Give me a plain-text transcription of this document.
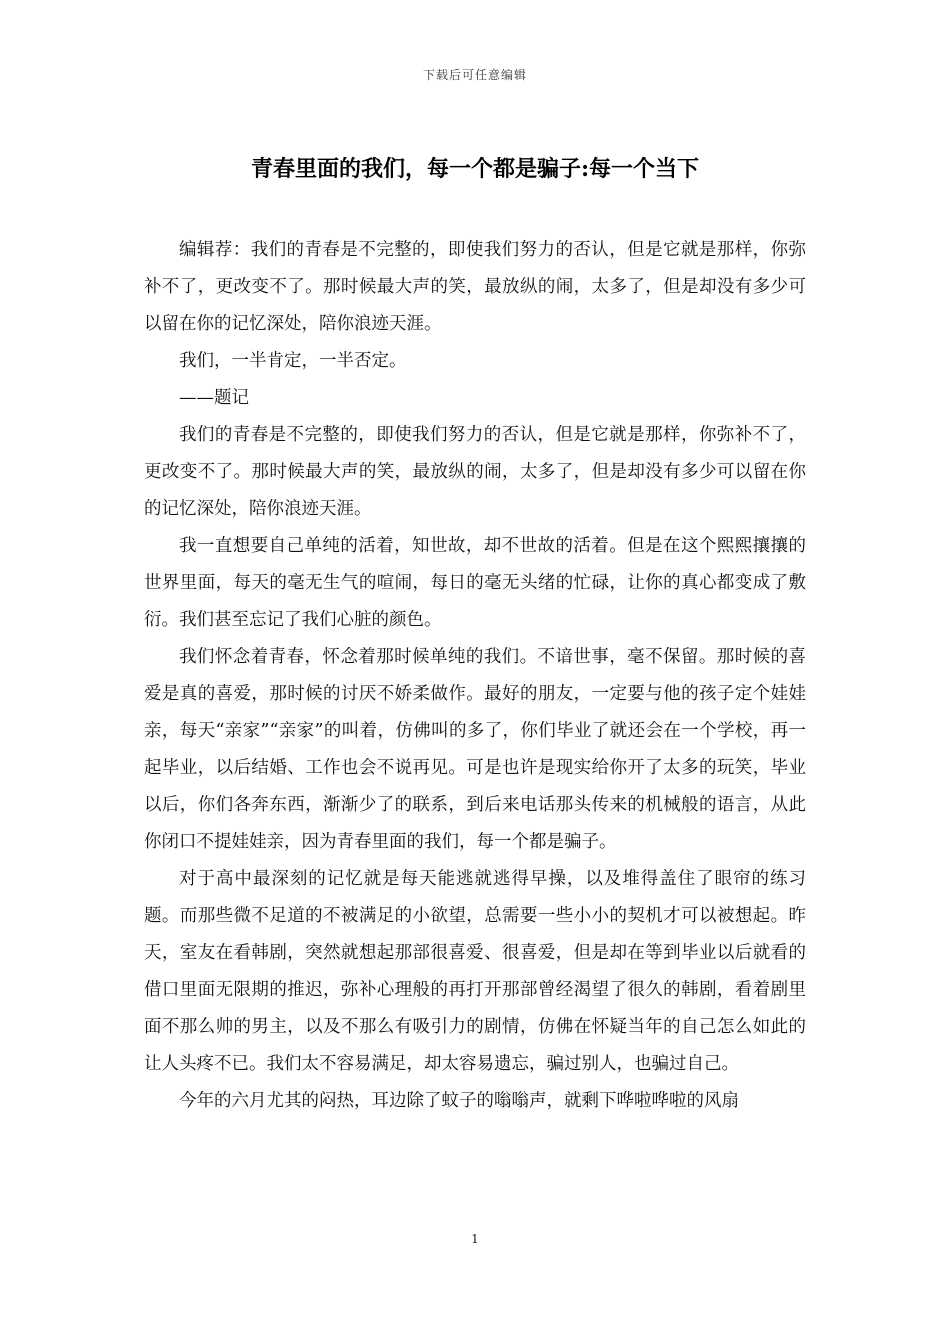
下载后可任意编辑
青春里面的我们，每一个都是骗子:每一个当下

编辑荐：我们的青春是不完整的，即使我们努力的否认，但是它就是那样，你弥补不了，更改变不了。那时候最大声的笑，最放纵的闹，太多了，但是却没有多少可以留在你的记忆深处，陪你浪迹天涯。

我们，一半肯定，一半否定。

——题记

我们的青春是不完整的，即使我们努力的否认，但是它就是那样，你弥补不了，更改变不了。那时候最大声的笑，最放纵的闹，太多了，但是却没有多少可以留在你的记忆深处，陪你浪迹天涯。

我一直想要自己单纯的活着，知世故，却不世故的活着。但是在这个熙熙攘攘的世界里面，每天的毫无生气的喧闹，每日的毫无头绪的忙碌，让你的真心都变成了敷衍。我们甚至忘记了我们心脏的颜色。

我们怀念着青春，怀念着那时候单纯的我们。不谙世事，毫不保留。那时候的喜爱是真的喜爱，那时候的讨厌不娇柔做作。最好的朋友，一定要与他的孩子定个娃娃亲，每天“亲家”“亲家”的叫着，仿佛叫的多了，你们毕业了就还会在一个学校，再一起毕业，以后结婚、工作也会不说再见。可是也许是现实给你开了太多的玩笑，毕业以后，你们各奔东西，渐渐少了的联系，到后来电话那头传来的机械般的语言，从此你闭口不提娃娃亲，因为青春里面的我们，每一个都是骗子。

对于高中最深刻的记忆就是每天能逃就逃得早操，以及堆得盖住了眼帘的练习题。而那些微不足道的不被满足的小欲望，总需要一些小小的契机才可以被想起。昨天，室友在看韩剧，突然就想起那部很喜爱、很喜爱，但是却在等到毕业以后就看的借口里面无限期的推迟，弥补心理般的再打开那部曾经渴望了很久的韩剧，看着剧里面不那么帅的男主，以及不那么有吸引力的剧情，仿佛在怀疑当年的自己怎么如此的让人头疼不已。我们太不容易满足，却太容易遗忘，骗过别人，也骗过自己。

今年的六月尤其的闷热，耳边除了蚊子的嗡嗡声，就剩下哗啦哗啦的风扇

1
